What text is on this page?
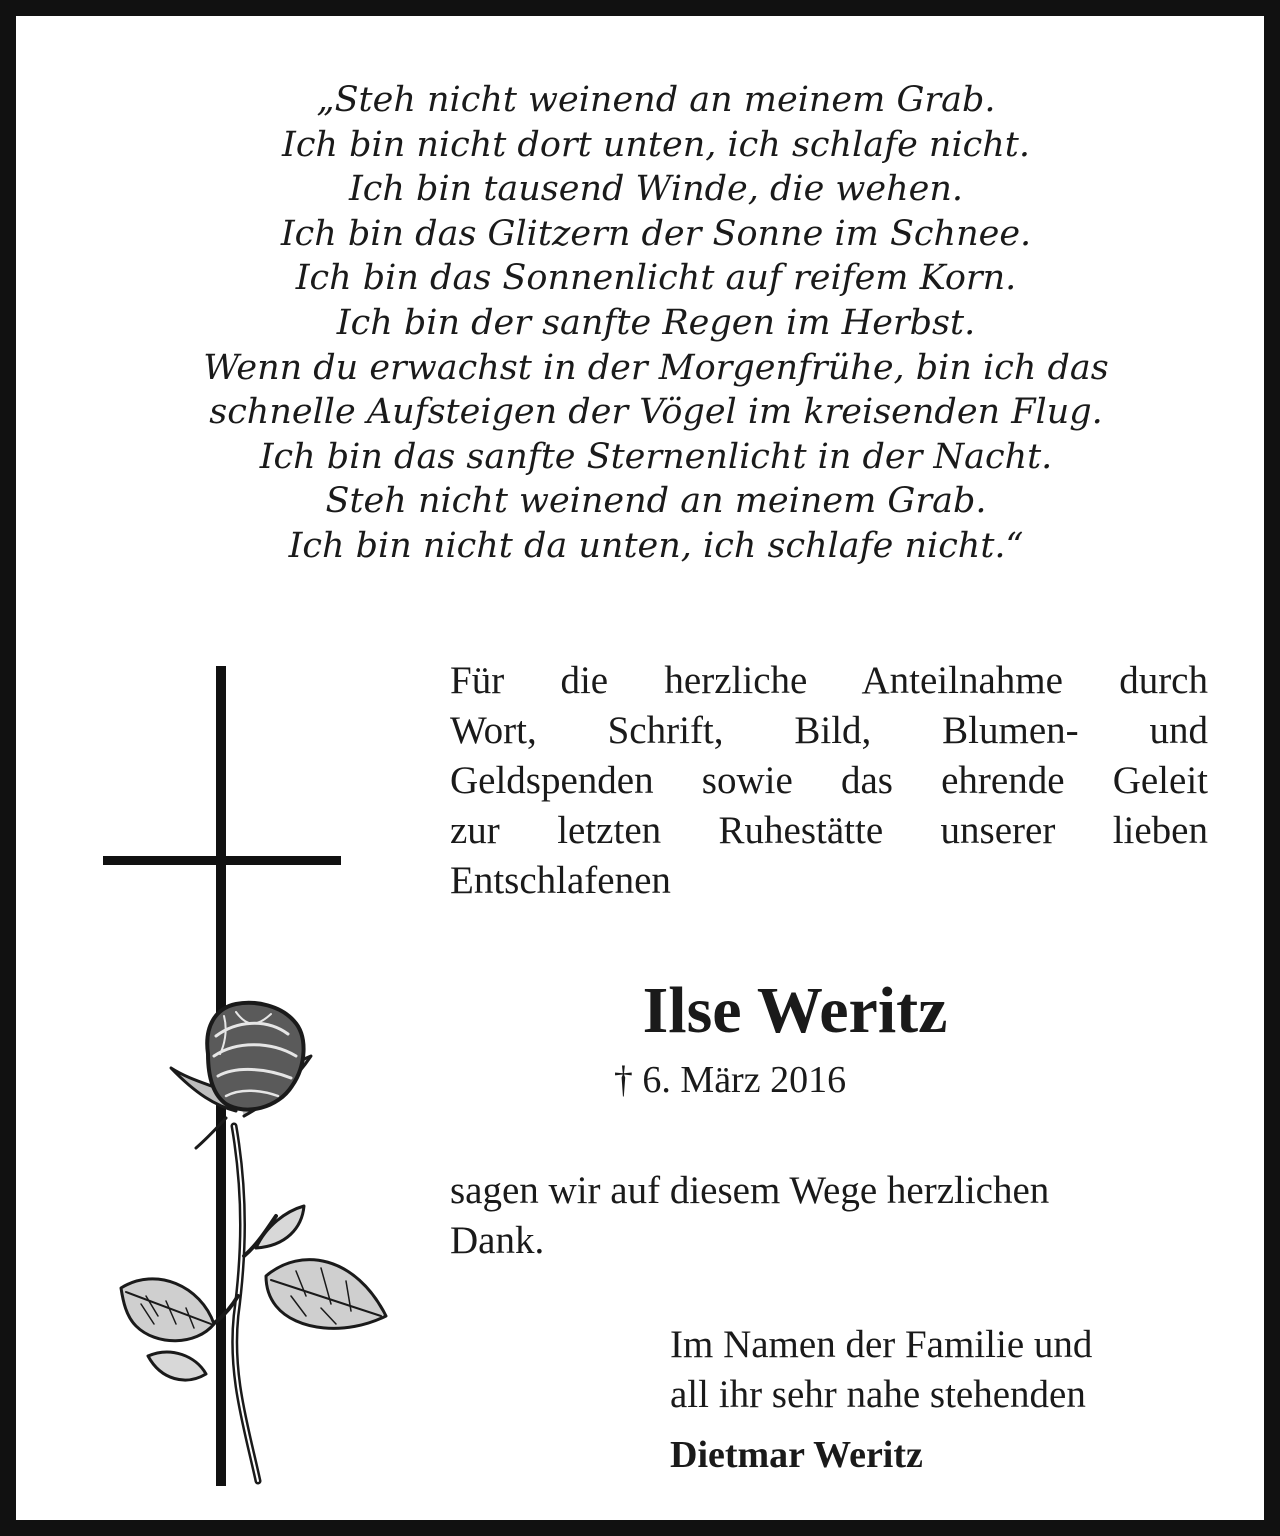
„Steh nicht weinend an meinem Grab.
Ich bin nicht dort unten, ich schlafe nicht.
Ich bin tausend Winde, die wehen.
Ich bin das Glitzern der Sonne im Schnee.
Ich bin das Sonnenlicht auf reifem Korn.
Ich bin der sanfte Regen im Herbst.
Wenn du erwachst in der Morgenfrühe, bin ich das
schnelle Aufsteigen der Vögel im kreisenden Flug.
Ich bin das sanfte Sternenlicht in der Nacht.
Steh nicht weinend an meinem Grab.
Ich bin nicht da unten, ich schlafe nicht.“
Für die herzliche Anteilnahme durch
Wort, Schrift, Bild, Blumen- und
Geldspenden sowie das ehrende Geleit
zur letzten Ruhestätte unserer lieben
Entschlafenen
Ilse Weritz

† 6. März 2016

sagen wir auf diesem Wege herzlichen
Dank.
Im Namen der Familie und
all ihr sehr nahe stehenden

Dietmar Weritz
